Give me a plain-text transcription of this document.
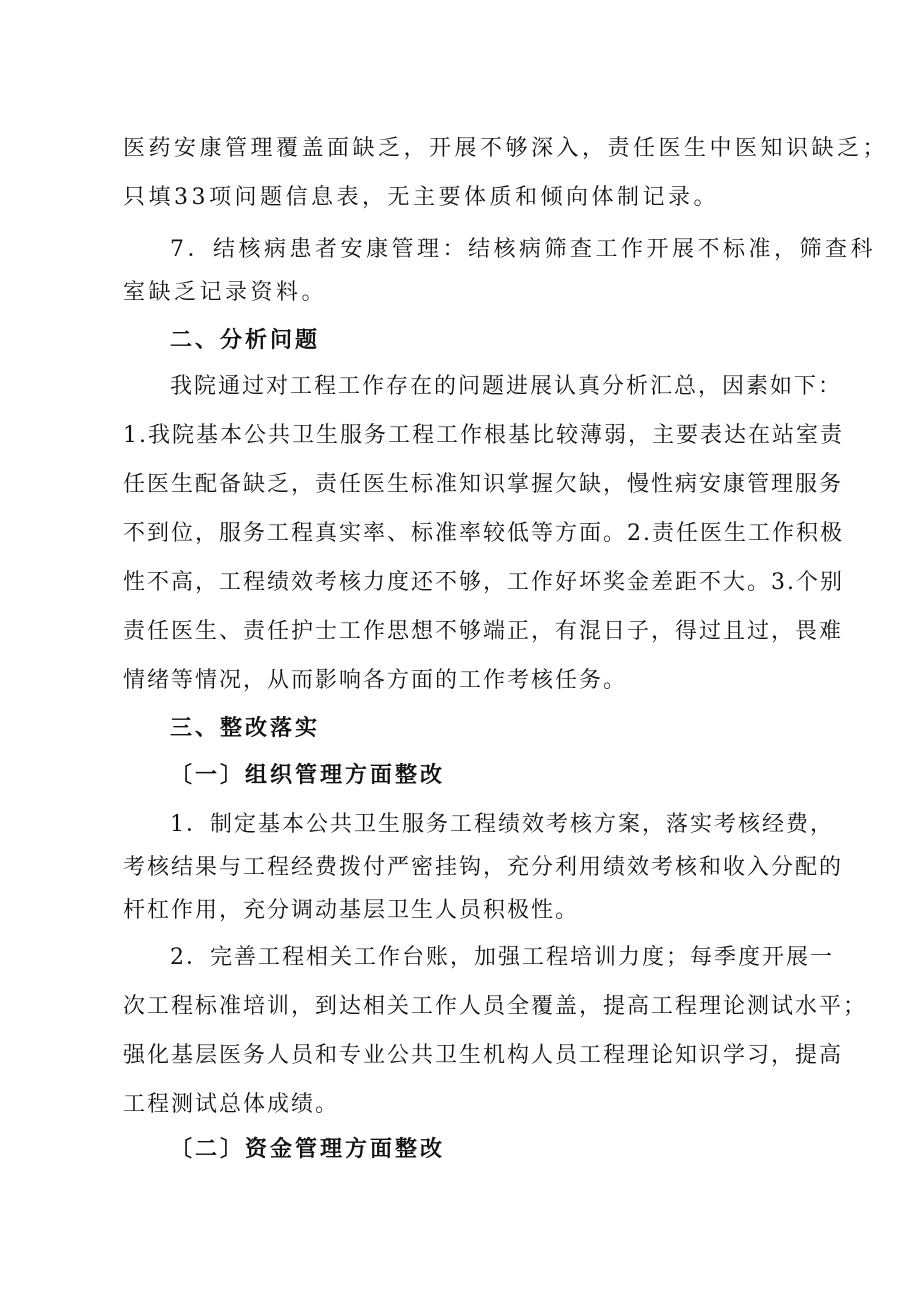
医药安康管理覆盖面缺乏，开展不够深入，责任医生中医知识缺乏；
只填33项问题信息表，无主要体质和倾向体制记录。
7．结核病患者安康管理：结核病筛查工作开展不标准，筛查科
室缺乏记录资料。
二、分析问题
我院通过对工程工作存在的问题进展认真分析汇总，因素如下：
1.我院基本公共卫生服务工程工作根基比较薄弱，主要表达在站室责
任医生配备缺乏，责任医生标准知识掌握欠缺，慢性病安康管理服务
不到位，服务工程真实率、标准率较低等方面。2.责任医生工作积极
性不高，工程绩效考核力度还不够，工作好坏奖金差距不大。3.个别
责任医生、责任护士工作思想不够端正，有混日子，得过且过，畏难
情绪等情况，从而影响各方面的工作考核任务。
三、整改落实
〔一〕组织管理方面整改
1．制定基本公共卫生服务工程绩效考核方案，落实考核经费，
考核结果与工程经费拨付严密挂钩，充分利用绩效考核和收入分配的
杆杠作用，充分调动基层卫生人员积极性。
2．完善工程相关工作台账，加强工程培训力度；每季度开展一
次工程标准培训，到达相关工作人员全覆盖，提高工程理论测试水平；
强化基层医务人员和专业公共卫生机构人员工程理论知识学习，提高
工程测试总体成绩。
〔二〕资金管理方面整改
